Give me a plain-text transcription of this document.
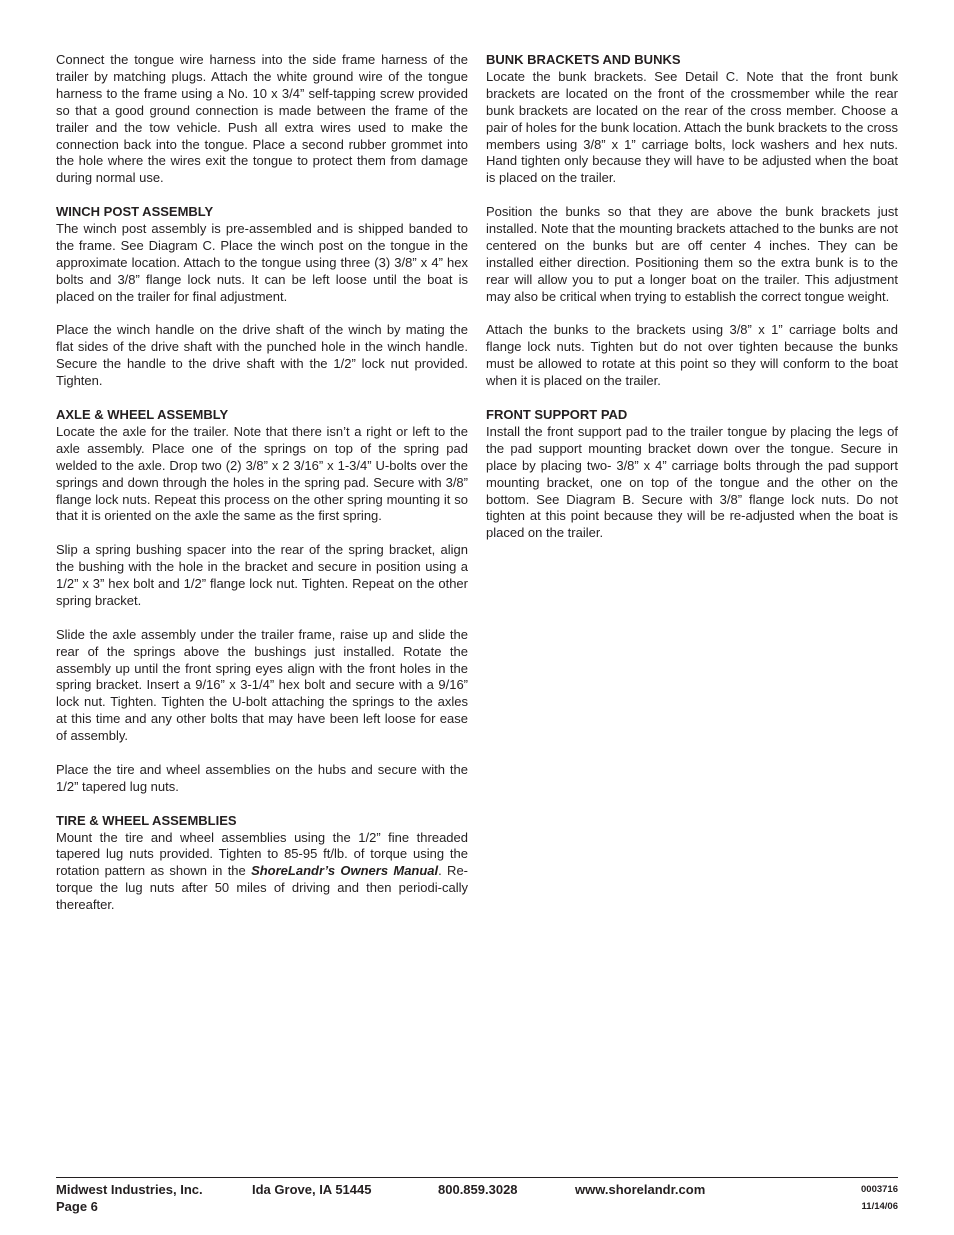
Connect the tongue wire harness into the side frame harness of the trailer by matching plugs. Attach the white ground wire of the tongue harness to the frame using a No. 10 x 3/4” self-tapping screw provided so that a good ground connection is made between the frame of the trailer and the tow vehicle. Push all extra wires used to make the connection back into the tongue. Place a second rubber grommet into the hole where the wires exit the tongue to protect them from damage during normal use.

WINCH POST ASSEMBLY

The winch post assembly is pre-assembled and is shipped banded to the frame. See Diagram C. Place the winch post on the tongue in the approximate location. Attach to the tongue using three (3) 3/8” x 4” hex bolts and 3/8” flange lock nuts. It can be left loose until the boat is placed on the trailer for final adjustment.

Place the winch handle on the drive shaft of the winch by mating the flat sides of the drive shaft with the punched hole in the winch handle. Secure the handle to the drive shaft with the 1/2” lock nut provided. Tighten.

AXLE & WHEEL ASSEMBLY

Locate the axle for the trailer. Note that there isn’t a right or left to the axle assembly. Place one of the springs on top of the spring pad welded to the axle. Drop two (2) 3/8” x 2 3/16” x 1-3/4” U-bolts over the springs and down through the holes in the spring pad. Secure with 3/8” flange lock nuts. Repeat this process on the other spring mounting it so that it is oriented on the axle the same as the first spring.

Slip a spring bushing spacer into the rear of the spring bracket, align the bushing with the hole in the bracket and secure in position using a 1/2” x 3” hex bolt and 1/2” flange lock nut. Tighten. Repeat on the other spring bracket.

Slide the axle assembly under the trailer frame, raise up and slide the rear of the springs above the bushings just installed. Rotate the assembly up until the front spring eyes align with the front holes in the spring bracket. Insert a 9/16” x 3-1/4” hex bolt and secure with a 9/16” lock nut. Tighten. Tighten the U-bolt attaching the springs to the axles at this time and any other bolts that may have been left loose for ease of assembly.

Place the tire and wheel assemblies on the hubs and secure with the 1/2” tapered lug nuts.

TIRE & WHEEL ASSEMBLIES

Mount the tire and wheel assemblies using the 1/2” fine threaded tapered lug nuts provided. Tighten to 85-95 ft/lb. of torque using the rotation pattern as shown in the ShoreLandr’s Owners Manual. Re-torque the lug nuts after 50 miles of driving and then periodi-cally thereafter.

BUNK BRACKETS AND BUNKS

Locate the bunk brackets. See Detail C. Note that the front bunk brackets are located on the front of the crossmember while the rear bunk brackets are located on the rear of the cross member. Choose a pair of holes for the bunk location. Attach the bunk brackets to the cross members using 3/8” x 1” carriage bolts, lock washers and hex nuts. Hand tighten only because they will have to be adjusted when the boat is placed on the trailer.

Position the bunks so that they are above the bunk brackets just installed. Note that the mounting brackets attached to the bunks are not centered on the bunks but are off center 4 inches. They can be installed either direction. Positioning them so the extra bunk is to the rear will allow you to put a longer boat on the trailer. This adjustment may also be critical when trying to establish the correct tongue weight.

Attach the bunks to the brackets using 3/8” x 1” carriage bolts and flange lock nuts. Tighten but do not over tighten because the bunks must be allowed to rotate at this point so they will conform to the boat when it is placed on the trailer.

FRONT SUPPORT PAD

Install the front support pad to the trailer tongue by placing the legs of the pad support mounting bracket down over the tongue. Secure in place by placing two- 3/8” x 4” carriage bolts through the pad support mounting bracket, one on top of the tongue and the other on the bottom. See Diagram B. Secure with 3/8” flange lock nuts. Do not tighten at this point because they will be re-adjusted when the boat is placed on the trailer.

Midwest Industries, Inc.
Page 6
Ida Grove, IA 51445	800.859.3028	www.shorelandr.com	0003716
11/14/06
